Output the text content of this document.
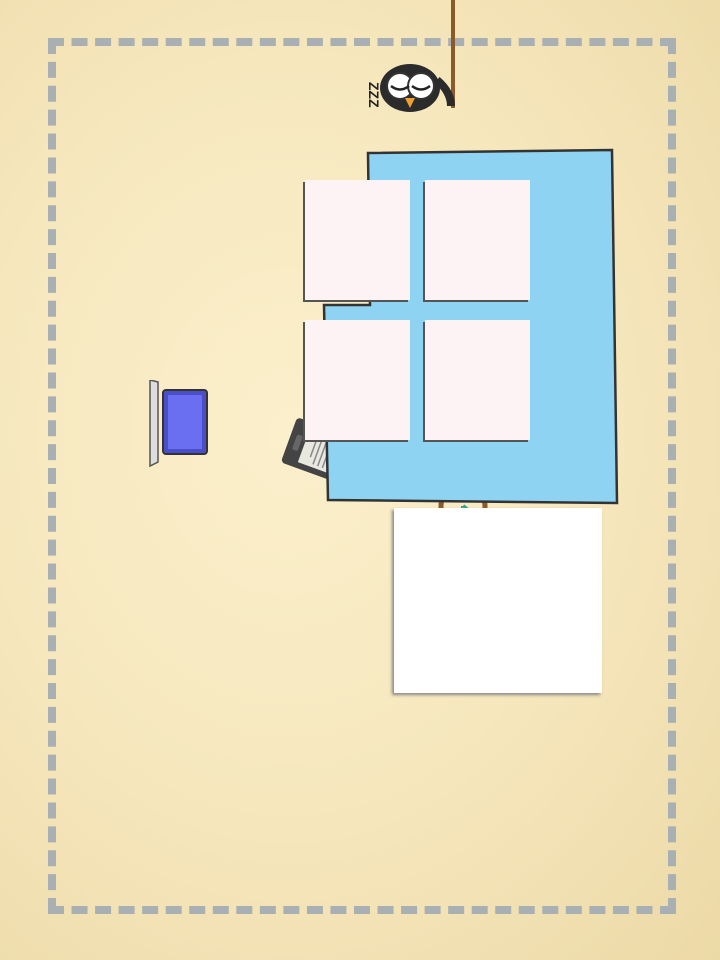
ZZZ
